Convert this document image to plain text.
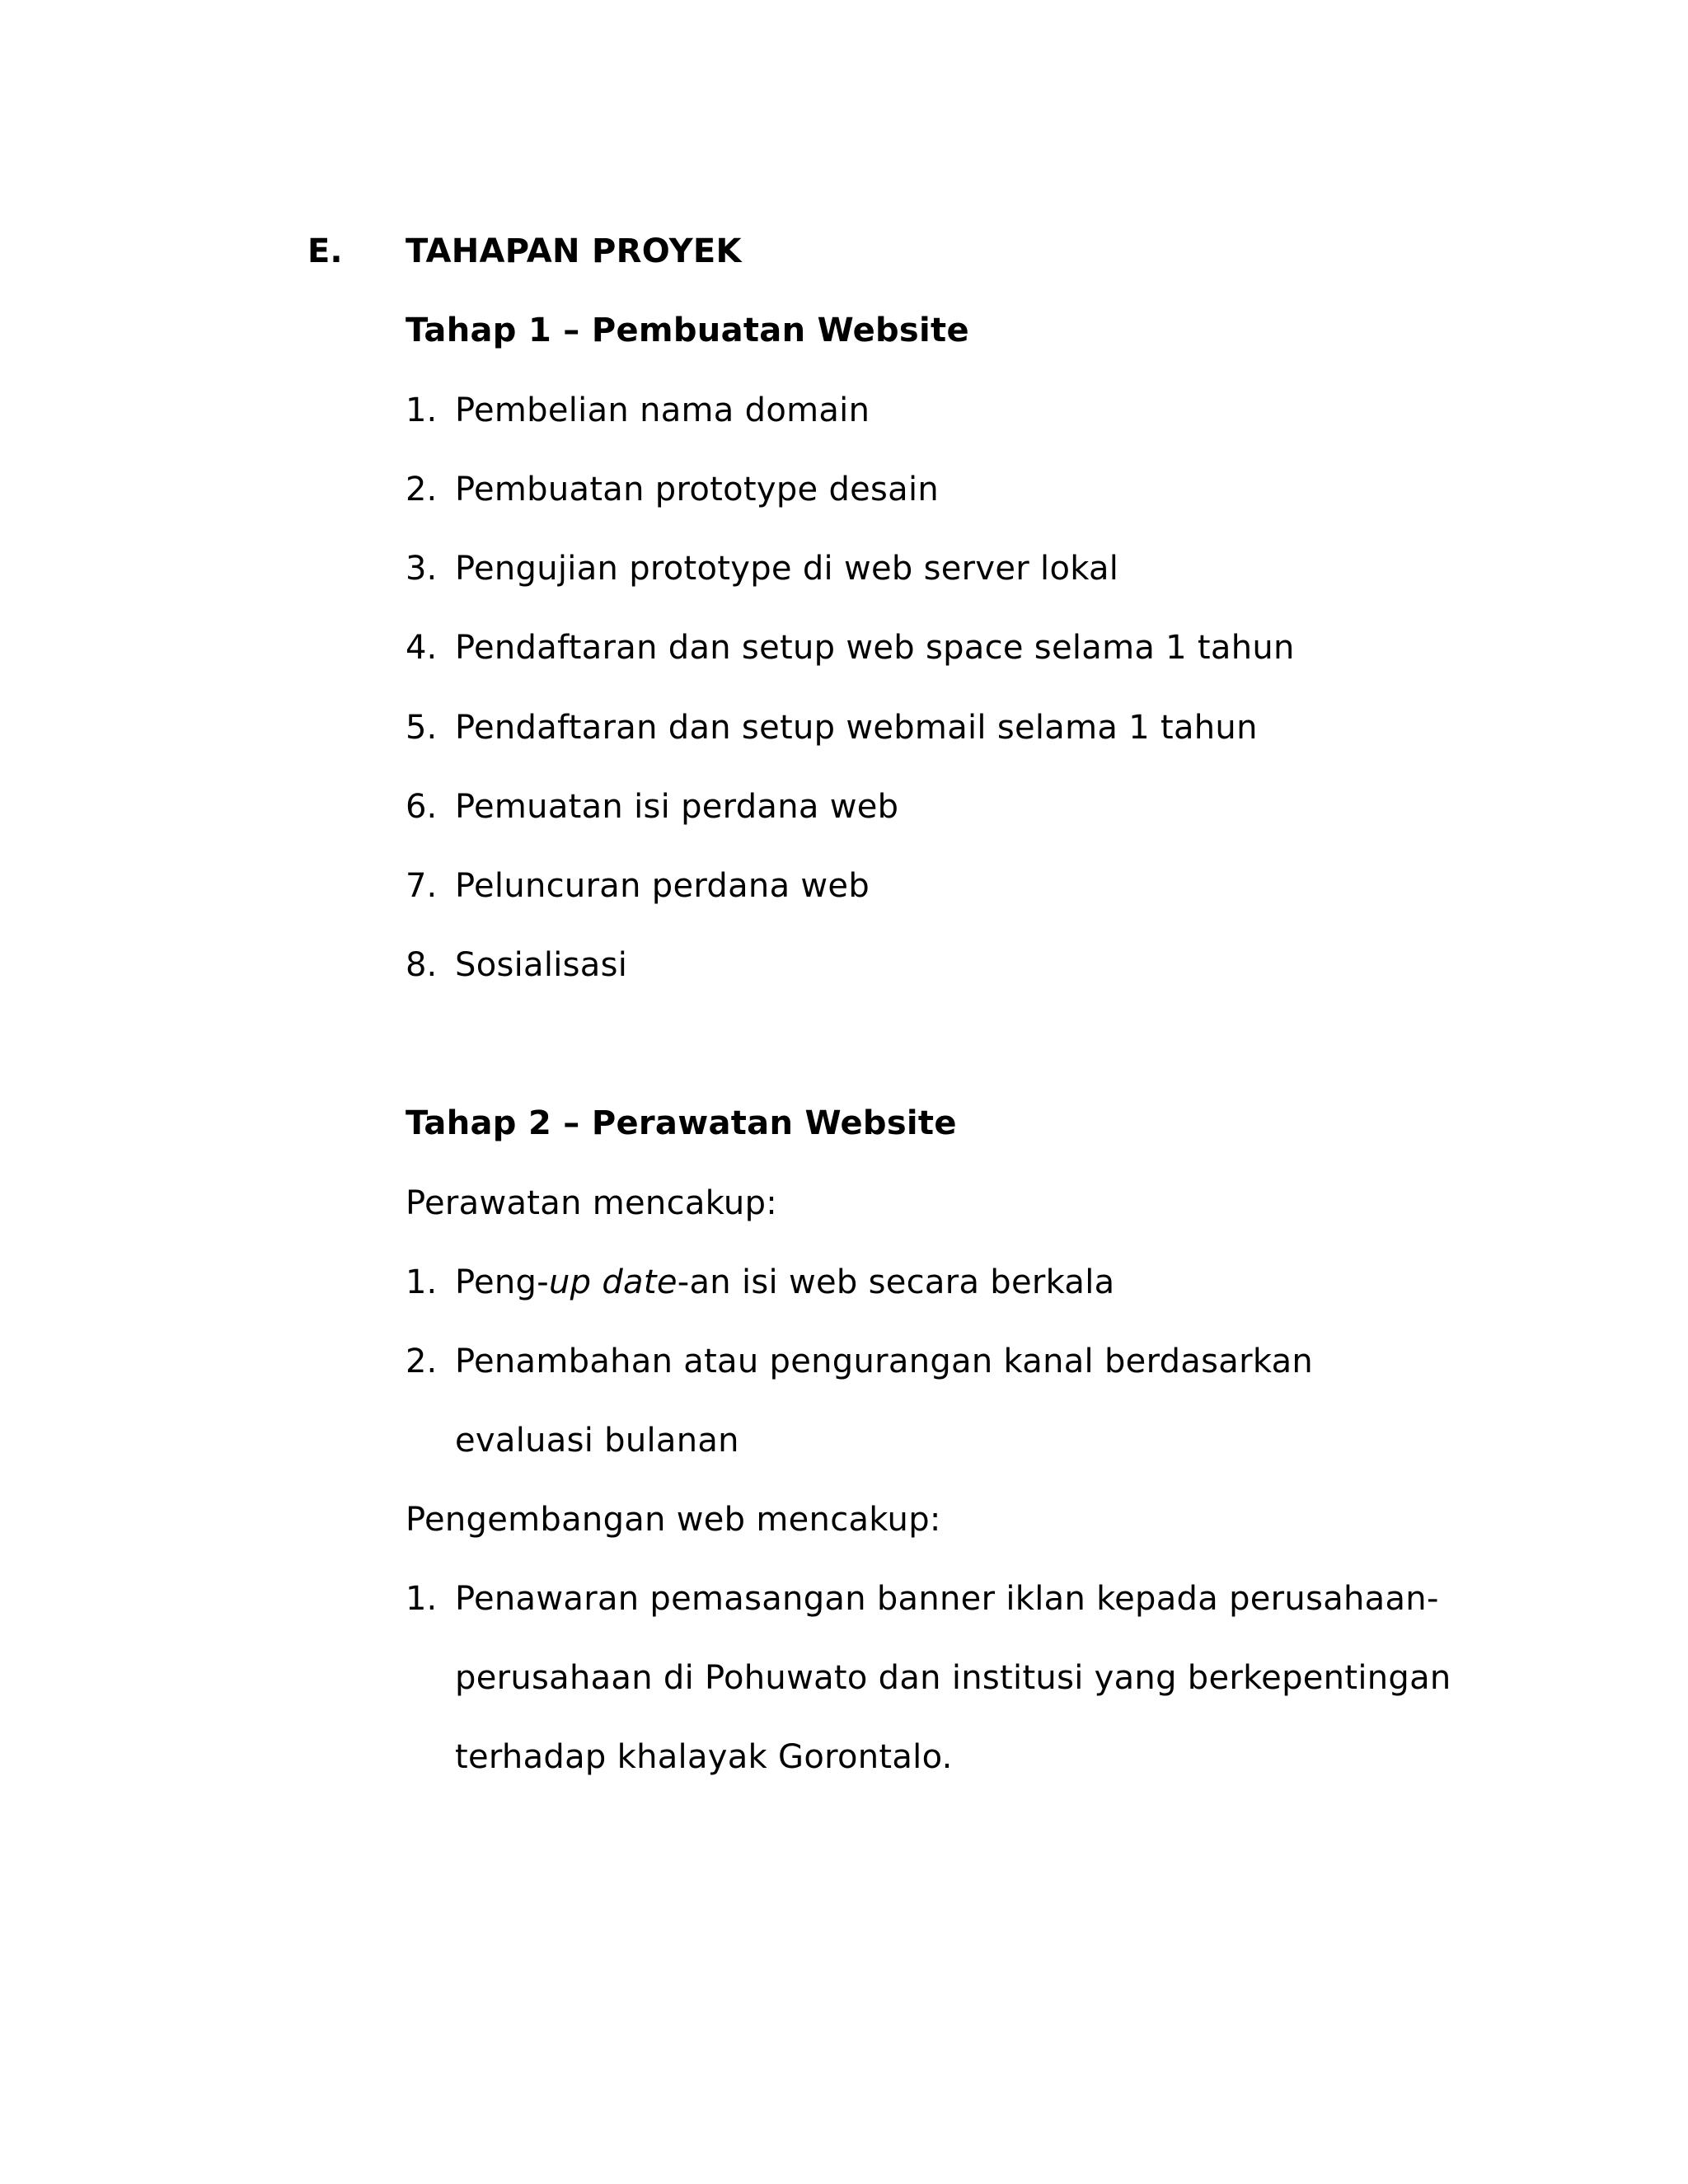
E. TAHAPAN PROYEK
Tahap 1 – Pembuatan Website
1. Pembelian nama domain
2. Pembuatan prototype desain
3. Pengujian prototype di web server lokal
4. Pendaftaran dan setup web space selama 1 tahun
5. Pendaftaran dan setup webmail selama 1 tahun
6. Pemuatan isi perdana web
7. Peluncuran perdana web
8. Sosialisasi
Tahap 2 – Perawatan Website
Perawatan mencakup:
1. Peng-up date-an isi web secara berkala
2. Penambahan atau pengurangan kanal berdasarkan
evaluasi bulanan
Pengembangan web mencakup:
1. Penawaran pemasangan banner iklan kepada perusahaan-
perusahaan di Pohuwato dan institusi yang berkepentingan
terhadap khalayak Gorontalo.
